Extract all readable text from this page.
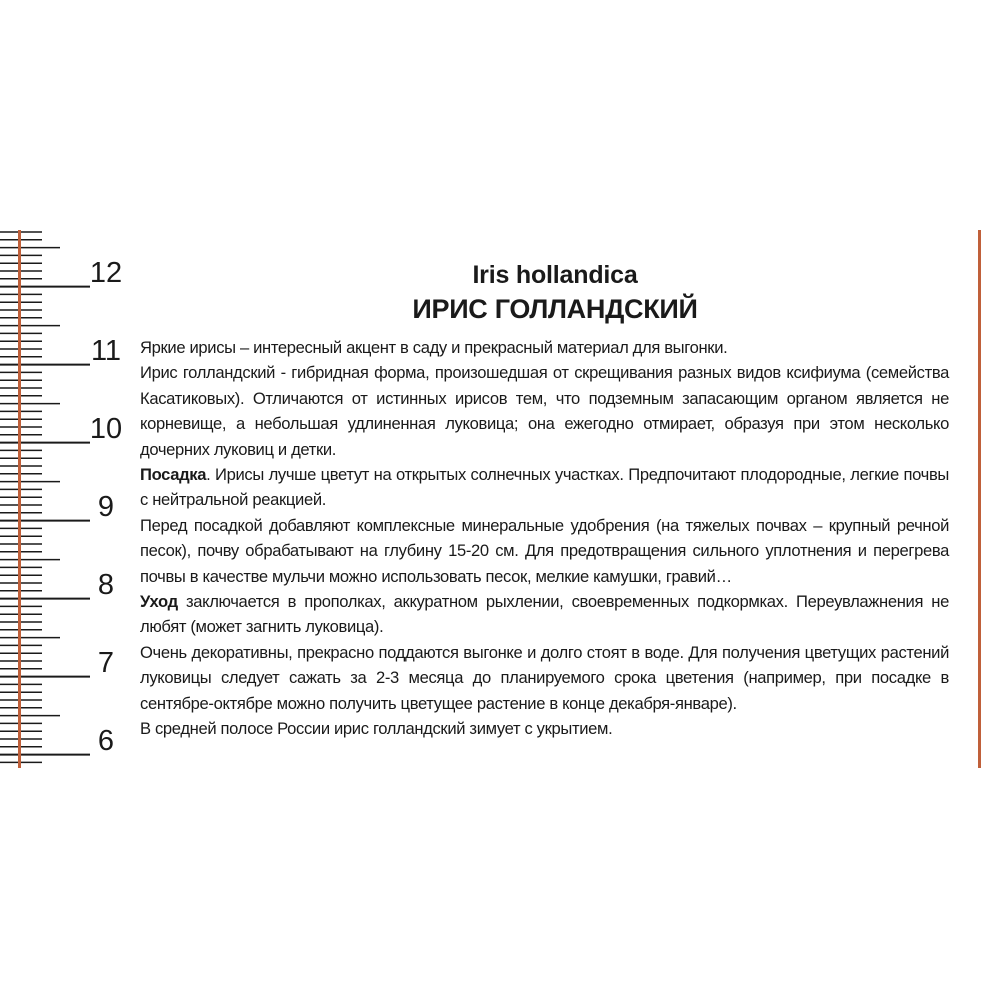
12
11
10
9
8
7
6
Iris hollandica
ИРИС ГОЛЛАНДСКИЙ

Яркие ирисы – интересный акцент в саду и прекрасный материал для выгонки.

Ирис голландский - гибридная форма, произошедшая от скрещивания разных видов ксифиума (семейства Касатиковых). Отличаются от истинных ирисов тем, что подземным запасающим органом является не корневище, а небольшая удлиненная луковица; она ежегодно отмирает, образуя при этом несколько дочерних луковиц и детки.

Посадка. Ирисы лучше цветут на открытых солнечных участках. Предпочитают плодородные, легкие почвы с нейтральной реакцией.

Перед посадкой добавляют комплексные минеральные удобрения (на тяжелых почвах – крупный речной песок), почву обрабатывают на глубину 15-20 см. Для предотвращения сильного уплотнения и перегрева почвы в качестве мульчи можно использовать песок, мелкие камушки, гравий…

Уход заключается в прополках, аккуратном рыхлении, своевременных подкормках. Переувлажнения не любят (может загнить луковица).

Очень декоративны, прекрасно поддаются выгонке и долго стоят в воде. Для получения цветущих растений луковицы следует сажать за 2-3 месяца до планируемого срока цветения (например, при посадке в сентябре-октябре можно получить цветущее растение в конце декабря-январе).

В средней полосе России ирис голландский зимует с укрытием.
